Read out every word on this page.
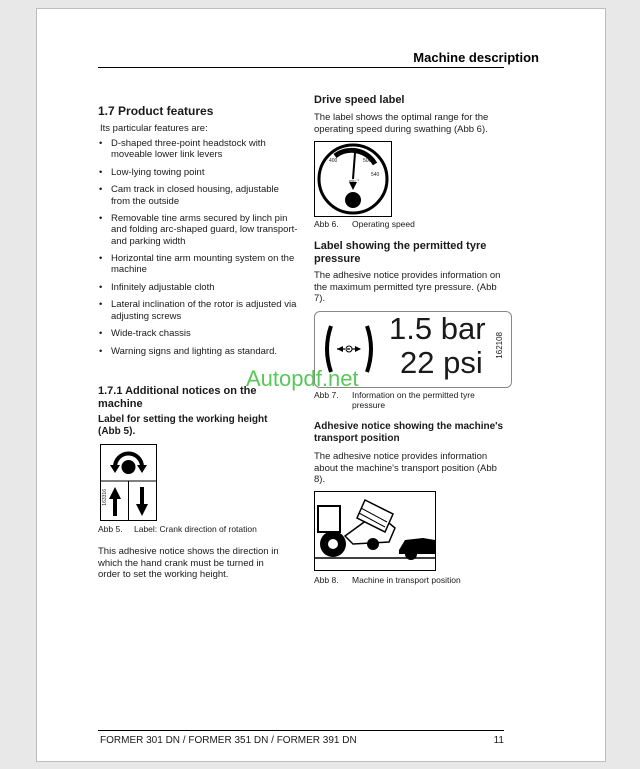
Machine description
1.7 Product features
Its particular features are:
• D-shaped three-point headstock with moveable lower link levers
• Low-lying towing point
• Cam track in closed housing, adjustable from the outside
• Removable tine arms secured by linch pin and folding arc-shaped guard, low transport- and parking width
• Horizontal tine arm mounting system on the machine
• Infinitely adjustable cloth
• Lateral inclination of the rotor is adjusted via adjusting screws
• Wide-track chassis
• Warning signs and lighting as standard.
1.7.1 Additional notices on the machine
Label for setting the working height (Abb 5).
163316
Abb 5. Label: Crank direction of rotation
This adhesive notice shows the direction in which the hand crank must be turned in order to set the working height.
Drive speed label
The label shows the optimal range for the operating speed during swathing (Abb 6).
400
450
500
540
min⁻¹
Abb 6. Operating speed
Label showing the permitted tyre pressure
The adhesive notice provides information on the maximum permitted tyre pressure. (Abb 7).
1.5 bar
22 psi 162108
Autopdf.net
Abb 7. Information on the permitted tyre pressure
Adhesive notice showing the machine's transport position
The adhesive notice provides information about the machine's transport position (Abb 8).
Abb 8. Machine in transport position
FORMER 301 DN / FORMER 351 DN / FORMER 391 DN	11
